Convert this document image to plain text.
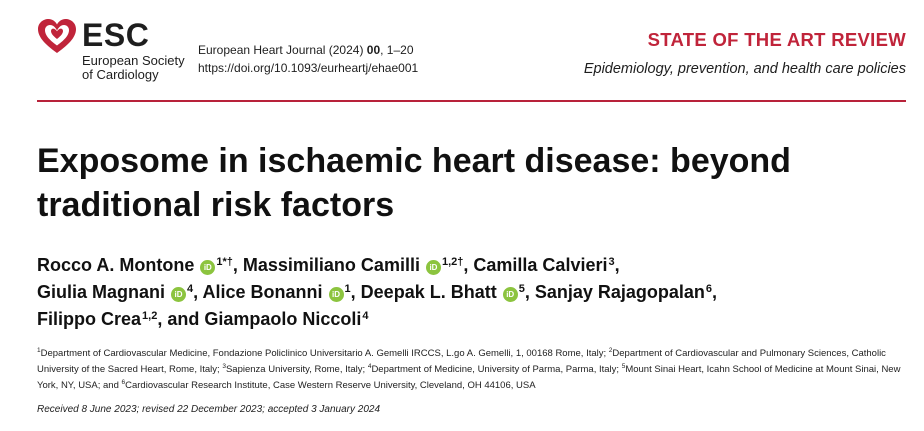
ESC
European Society
of Cardiology
European Heart Journal (2024) 00, 1–20
https://doi.org/10.1093/eurheartj/ehae001
STATE OF THE ART REVIEW
Epidemiology, prevention, and health care policies
Exposome in ischaemic heart disease: beyond traditional risk factors
Rocco A. Montone iD $^{1*\dagger}$, Massimiliano Camilli iD $^{1,2\dagger}$, Camilla Calvieri$^3$,
Giulia Magnani iD $^4$, Alice Bonanni iD $^1$, Deepak L. Bhatt iD $^5$, Sanjay Rajagopalan$^6$,
Filippo Crea$^{1,2}$, and Giampaolo Niccoli$^4$
$^1$Department of Cardiovascular Medicine, Fondazione Policlinico Universitario A. Gemelli IRCCS, L.go A. Gemelli, 1, 00168 Rome, Italy; $^2$Department of Cardiovascular and Pulmonary Sciences, Catholic University of the Sacred Heart, Rome, Italy; $^3$Sapienza University, Rome, Italy; $^4$Department of Medicine, University of Parma, Parma, Italy; $^5$Mount Sinai Heart, Icahn School of Medicine at Mount Sinai, New York, NY, USA; and $^6$Cardiovascular Research Institute, Case Western Reserve University, Cleveland, OH 44106, USA
Received 8 June 2023; revised 22 December 2023; accepted 3 January 2024
